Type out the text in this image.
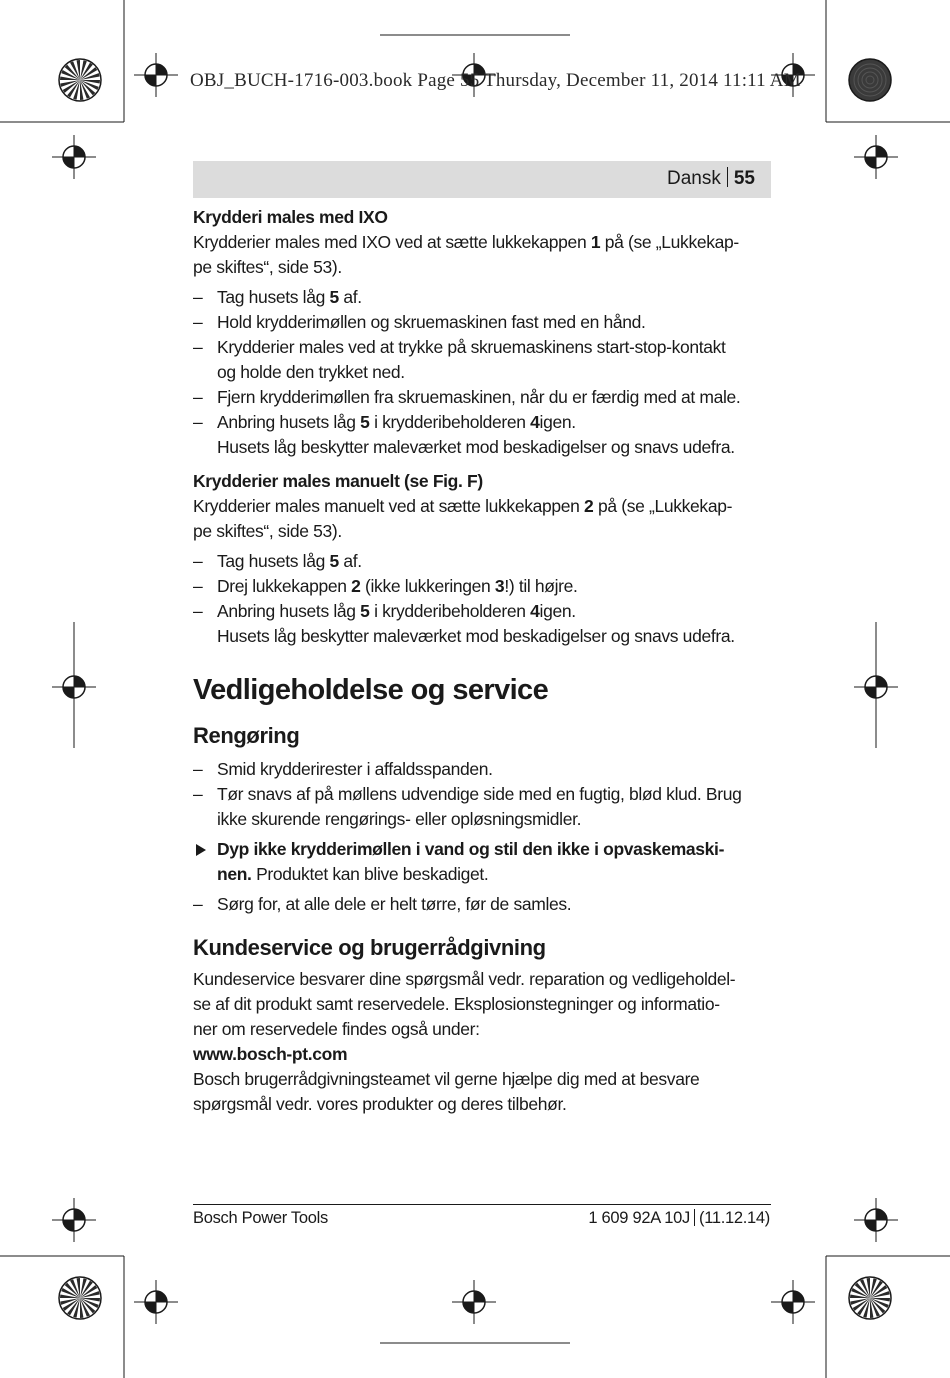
OBJ_BUCH-1716-003.book Page 55 Thursday, December 11, 2014 11:11 AM
Dansk 55

Krydderi males med IXO

Krydderier males med IXO ved at sætte lukkekappen 1 på (se „Lukkekap-

pe skiftes“, side 53).

– Tag husets låg 5 af.

– Hold krydderimøllen og skruemaskinen fast med en hånd.

– Krydderier males ved at trykke på skruemaskinens start-stop-kontakt

og holde den trykket ned.

– Fjern krydderimøllen fra skruemaskinen, når du er færdig med at male.

– Anbring husets låg 5 i krydderibeholderen 4igen.

Husets låg beskytter maleværket mod beskadigelser og snavs udefra.

Krydderier males manuelt (se Fig. F)

Krydderier males manuelt ved at sætte lukkekappen 2 på (se „Lukkekap-

pe skiftes“, side 53).

– Tag husets låg 5 af.

– Drej lukkekappen 2 (ikke lukkeringen 3!) til højre.

– Anbring husets låg 5 i krydderibeholderen 4igen.

Husets låg beskytter maleværket mod beskadigelser og snavs udefra.

Vedligeholdelse og service

Rengøring

– Smid krydderirester i affaldsspanden.

– Tør snavs af på møllens udvendige side med en fugtig, blød klud. Brug

ikke skurende rengørings- eller opløsningsmidler.

Dyp ikke krydderimøllen i vand og stil den ikke i opvaskemaski-

nen. Produktet kan blive beskadiget.

– Sørg for, at alle dele er helt tørre, før de samles.

Kundeservice og brugerrådgivning

Kundeservice besvarer dine spørgsmål vedr. reparation og vedligeholdel-

se af dit produkt samt reservedele. Eksplosionstegninger og informatio-

ner om reservedele findes også under:

www.bosch-pt.com

Bosch brugerrådgivningsteamet vil gerne hjælpe dig med at besvare

spørgsmål vedr. vores produkter og deres tilbehør.

Bosch Power Tools	1 609 92A 10J (11.12.14)
